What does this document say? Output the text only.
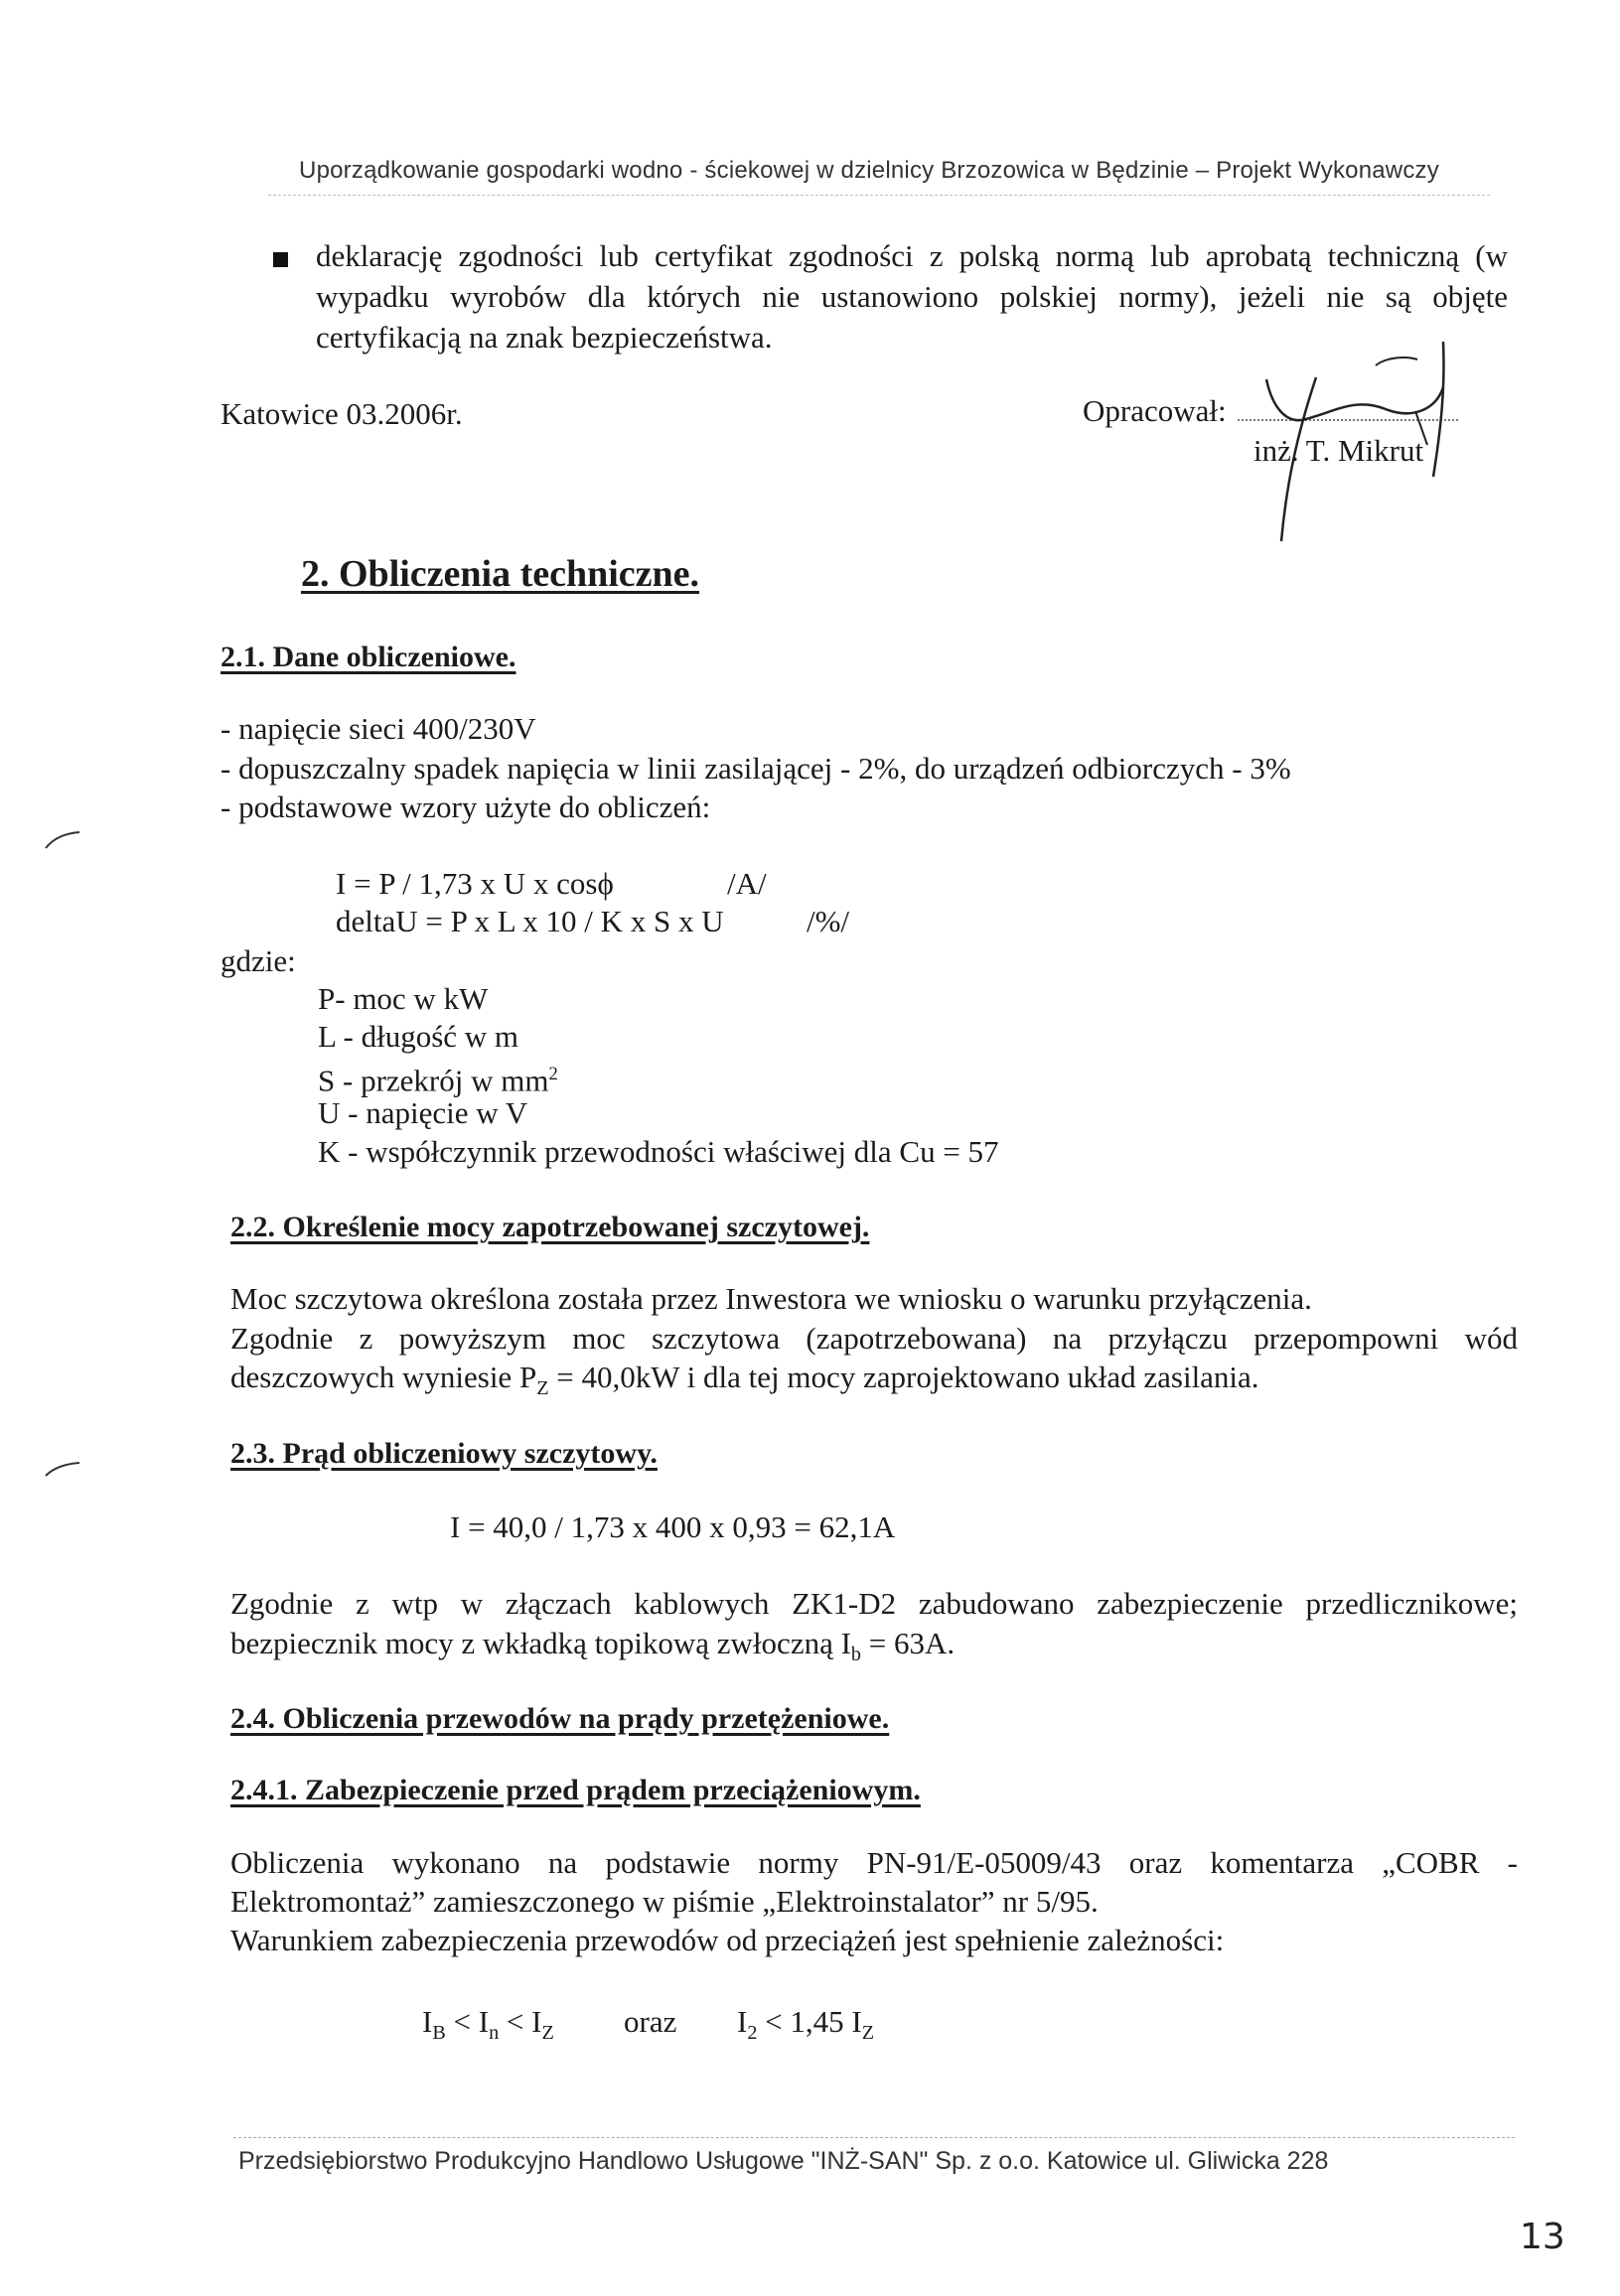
Uporządkowanie gospodarki wodno - ściekowej w dzielnicy Brzozowica w Będzinie – Projekt Wykonawczy
deklarację zgodności lub certyfikat zgodności z polską normą lub aprobatą techniczną (w
wypadku wyrobów dla których nie ustanowiono polskiej normy), jeżeli nie są objęte
certyfikacją na znak bezpieczeństwa.
Katowice 03.2006r.	Opracował:
inż. T. Mikrut
2. Obliczenia techniczne.
2.1. Dane obliczeniowe.
- napięcie sieci 400/230V
- dopuszczalny spadek napięcia w linii zasilającej - 2%, do urządzeń odbiorczych - 3%
- podstawowe wzory użyte do obliczeń:
I = P / 1,73 x U x cosϕ	/A/
deltaU = P x L x 10 / K x S x U	/%/
gdzie:
P- moc w kW
L - długość w m
S - przekrój w $mm^2$
U - napięcie w V
K - współczynnik przewodności właściwej dla Cu = 57
2.2. Określenie mocy zapotrzebowanej szczytowej.
Moc szczytowa określona została przez Inwestora we wniosku o warunku przyłączenia.
Zgodnie z powyższym moc szczytowa (zapotrzebowana) na przyłączu przepompowni wód
deszczowych wyniesie $P_Z = 40,0kW$ i dla tej mocy zaprojektowano układ zasilania.
2.3. Prąd obliczeniowy szczytowy.
I = 40,0 / 1,73 x 400 x 0,93 = 62,1A
Zgodnie z wtp w złączach kablowych ZK1-D2 zabudowano zabezpieczenie przedlicznikowe;
bezpiecznik mocy z wkładką topikową zwłoczną $I_b = 63A$.
2.4. Obliczenia przewodów na prądy przetężeniowe.
2.4.1. Zabezpieczenie przed prądem przeciążeniowym.
Obliczenia wykonano na podstawie normy PN-91/E-05009/43 oraz komentarza „COBR -
Elektromontaż” zamieszczonego w piśmie „Elektroinstalator” nr 5/95.
Warunkiem zabezpieczenia przewodów od przeciążeń jest spełnienie zależności:
$I_B < I_n < I_Z$ oraz $I_2 < 1,45$ $I_Z$
Przedsiębiorstwo Produkcyjno Handlowo Usługowe "INŻ-SAN" Sp. z o.o. Katowice ul. Gliwicka 228
13
